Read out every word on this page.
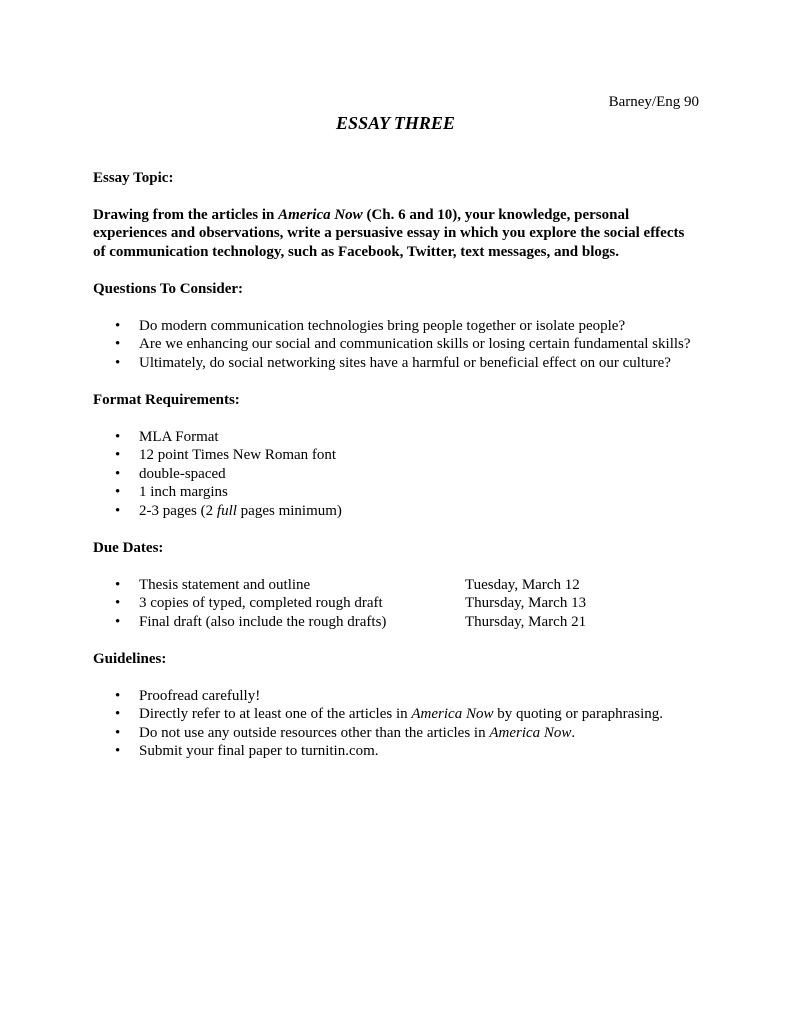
Barney/Eng 90
ESSAY THREE

Essay Topic:

Drawing from the articles in America Now (Ch. 6 and 10), your knowledge, personal experiences and observations, write a persuasive essay in which you explore the social effects of communication technology, such as Facebook, Twitter, text messages, and blogs.

Questions To Consider:

• Do modern communication technologies bring people together or isolate people?
• Are we enhancing our social and communication skills or losing certain fundamental skills?
• Ultimately, do social networking sites have a harmful or beneficial effect on our culture?

Format Requirements:

• MLA Format
• 12 point Times New Roman font
• double-spaced
• 1 inch margins
• 2-3 pages (2 full pages minimum)

Due Dates:

• Thesis statement and outline	Tuesday, March 12
• 3 copies of typed, completed rough draft	Thursday, March 13
• Final draft (also include the rough drafts)	Thursday, March 21

Guidelines:

• Proofread carefully!
• Directly refer to at least one of the articles in America Now by quoting or paraphrasing.
• Do not use any outside resources other than the articles in America Now.
• Submit your final paper to turnitin.com.
